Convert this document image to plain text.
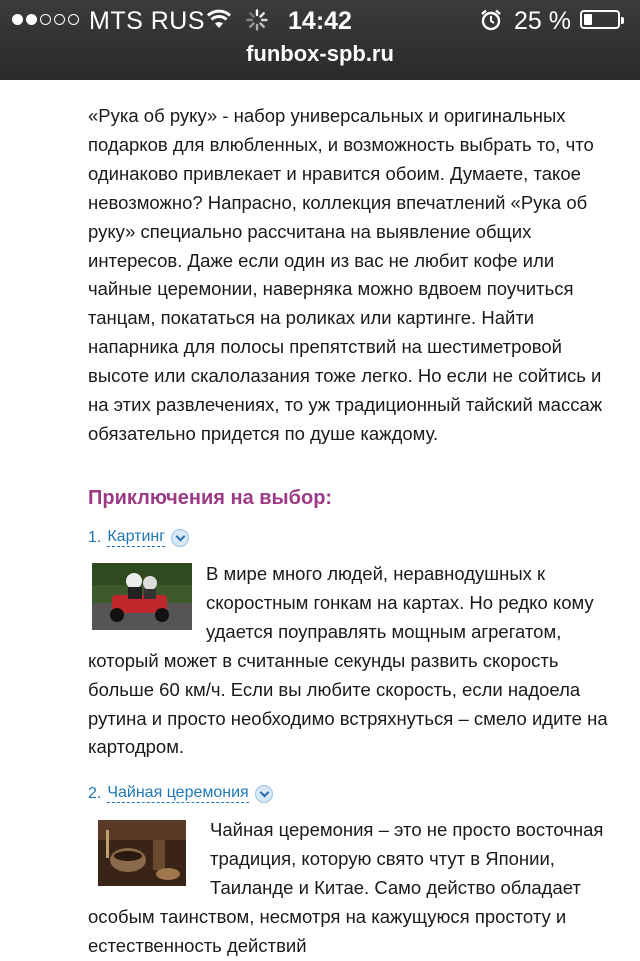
MTS RUS	14:42	25 %
funbox-spb.ru

«Рука об руку» - набор универсальных и оригинальных подарков для влюбленных, и возможность выбрать то, что одинаково привлекает и нравится обоим. Думаете, такое невозможно? Напрасно, коллекция впечатлений «Рука об руку» специально рассчитана на выявление общих интересов. Даже если один из вас не любит кофе или чайные церемонии, наверняка можно вдвоем поучиться танцам, покататься на роликах или картинге. Найти напарника для полосы препятствий на шестиметровой высоте или скалолазания тоже легко. Но если не сойтись и на этих развлечениях, то уж традиционный тайский массаж обязательно придется по душе каждому.

Приключения на выбор:
1. Картинг

В мире много людей, неравнодушных к скоростным гонкам на картах. Но редко кому удается поуправлять мощным агрегатом, который может в считанные секунды развить скорость больше 60 км/ч. Если вы любите скорость, если надоела рутина и просто необходимо встряхнуться – смело идите на картодром.

2. Чайная церемония

Чайная церемония – это не просто восточная традиция, которую свято чтут в Японии, Таиланде и Китае. Само действо обладает особым таинством, несмотря на кажущуюся простоту и естественность действий
